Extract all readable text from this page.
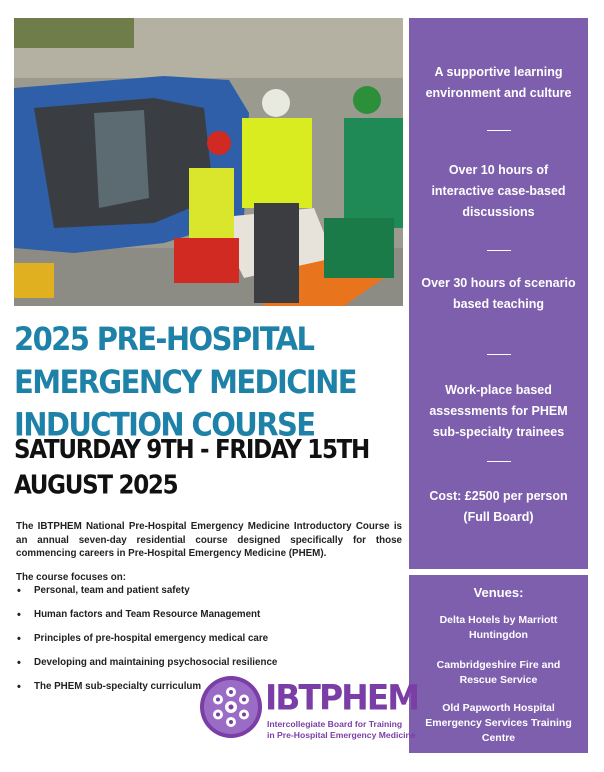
A supportive learning environment and culture
Over 10 hours of interactive case-based discussions
Over 30 hours of scenario based teaching
Work-place based assessments for PHEM sub-specialty trainees
Cost: £2500 per person (Full Board)
Venues:
Delta Hotels by Marriott Huntingdon
Cambridgeshire Fire and Rescue Service
Old Papworth Hospital Emergency Services Training Centre
2025 PRE-HOSPITAL
EMERGENCY MEDICINE
INDUCTION COURSE
SATURDAY 9TH - FRIDAY 15TH
AUGUST 2025

The IBTPHEM National Pre-Hospital Emergency Medicine Introductory Course is an annual seven-day residential course designed specifically for those commencing careers in Pre-Hospital Emergency Medicine (PHEM).

The course focuses on:
• Personal, team and patient safety
• Human factors and Team Resource Management
• Principles of pre-hospital emergency medical care
• Developing and maintaining psychosocial resilience
• The PHEM sub-specialty curriculum	IBTPHEM
Intercollegiate Board for Training
in Pre-Hospital Emergency Medicine
